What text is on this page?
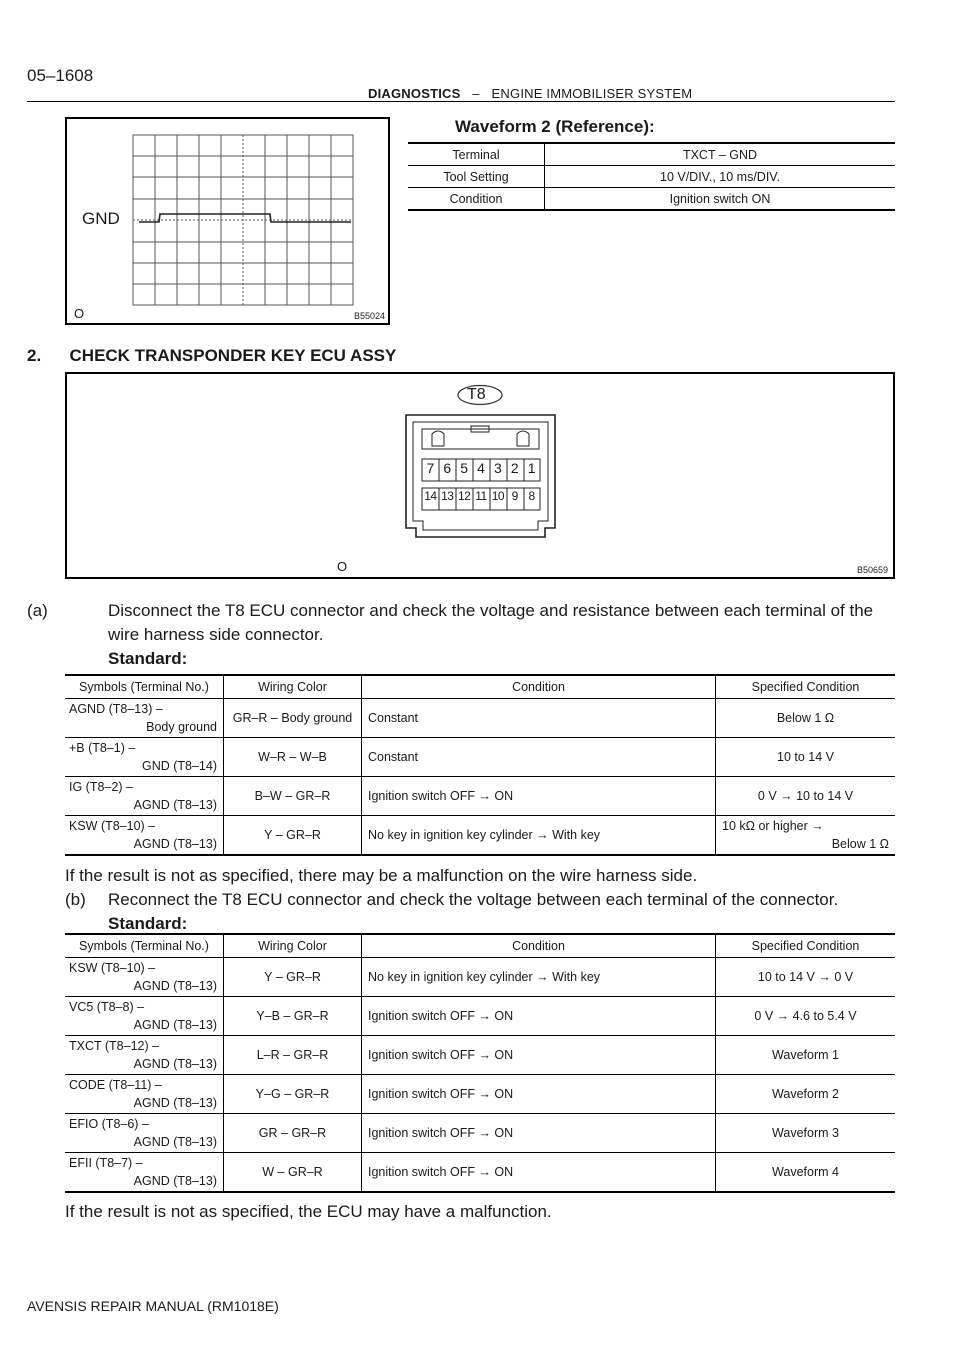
05–1608
DIAGNOSTICS – ENGINE IMMOBILISER SYSTEM
GND
O	B55024
Waveform 2 (Reference):
Terminal	TXCT – GND
Tool Setting	10 V/DIV., 10 ms/DIV.
Condition	Ignition switch ON
2.      CHECK TRANSPONDER KEY ECU ASSY
T8
7 6 5 4 3 2 1
14 13 12 11 10 9 8
O	B50659
(a)	Disconnect the T8 ECU connector and check the voltage and resistance between each terminal of the
wire harness side connector.
Standard:
Symbols (Terminal No.)	Wiring Color	Condition	Specified Condition

AGND (T8–13) –
Body ground	GR–R – Body ground	Constant	Below 1 Ω

+B (T8–1) –
GND (T8–14)	W–R – W–B	Constant	10 to 14 V

IG (T8–2) –
AGND (T8–13)	B–W – GR–R	Ignition switch OFF → ON	0 V → 10 to 14 V

KSW (T8–10) –
AGND (T8–13)	Y – GR–R	No key in ignition key cylinder → With key	10 kΩ or higher →
Below 1 Ω
If the result is not as specified, there may be a malfunction on the wire harness side.
(b) Reconnect the T8 ECU connector and check the voltage between each terminal of the connector.
Standard:
Symbols (Terminal No.)	Wiring Color	Condition	Specified Condition

KSW (T8–10) –
AGND (T8–13)	Y – GR–R	No key in ignition key cylinder → With key	10 to 14 V → 0 V

VC5 (T8–8) –
AGND (T8–13)	Y–B – GR–R	Ignition switch OFF → ON	0 V → 4.6 to 5.4 V

TXCT (T8–12) –
AGND (T8–13)	L–R – GR–R	Ignition switch OFF → ON	Waveform 1

CODE (T8–11) –
AGND (T8–13)	Y–G – GR–R	Ignition switch OFF → ON	Waveform 2

EFIO (T8–6) –
AGND (T8–13)	GR – GR–R	Ignition switch OFF → ON	Waveform 3

EFII (T8–7) –
AGND (T8–13)	W – GR–R	Ignition switch OFF → ON	Waveform 4
If the result is not as specified, the ECU may have a malfunction.
AVENSIS REPAIR MANUAL (RM1018E)
